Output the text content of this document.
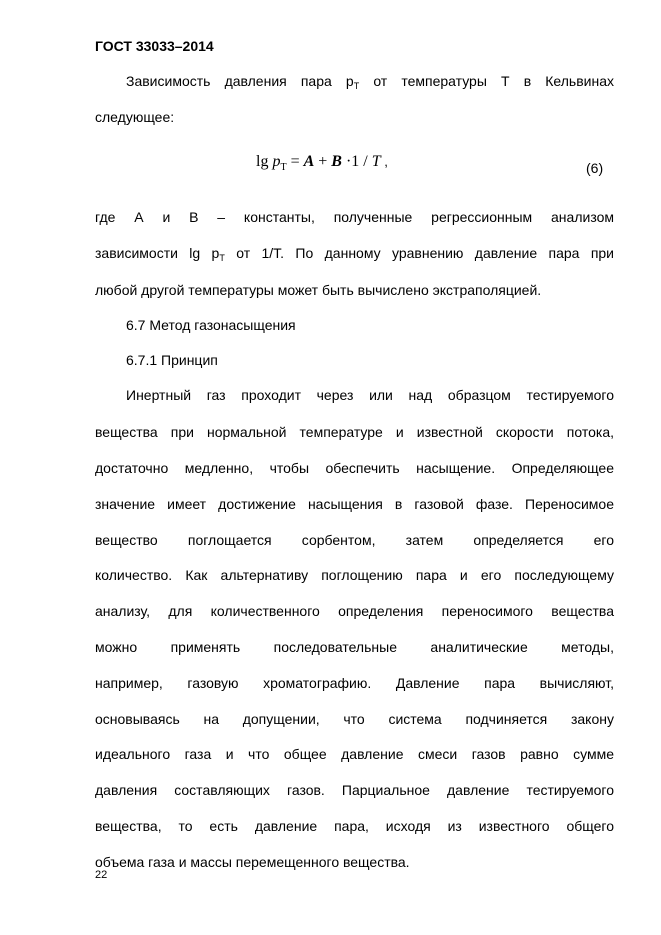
ГОСТ 33033–2014
Зависимость давления пара $p_T$ от температуры Т в Кельвинах
следующее:
$\lg p_T = A + B \cdot 1 / T$ ,	(6)
где А и В – константы, полученные регрессионным анализом
зависимости $\lg p_T$ от 1/Т. По данному уравнению давление пара при
любой другой температуры может быть вычислено экстраполяцией.
6.7 Метод газонасыщения
6.7.1 Принцип
Инертный газ проходит через или над образцом тестируемого
вещества при нормальной температуре и известной скорости потока,
достаточно медленно, чтобы обеспечить насыщение. Определяющее
значение имеет достижение насыщения в газовой фазе. Переносимое
вещество поглощается сорбентом, затем определяется его
количество. Как альтернативу поглощению пара и его последующему
анализу, для количественного определения переносимого вещества
можно применять последовательные аналитические методы,
например, газовую хроматографию. Давление пара вычисляют,
основываясь на допущении, что система подчиняется закону
идеального газа и что общее давление смеси газов равно сумме
давления составляющих газов. Парциальное давление тестируемого
вещества, то есть давление пара, исходя из известного общего
объема газа и массы перемещенного вещества.
22
